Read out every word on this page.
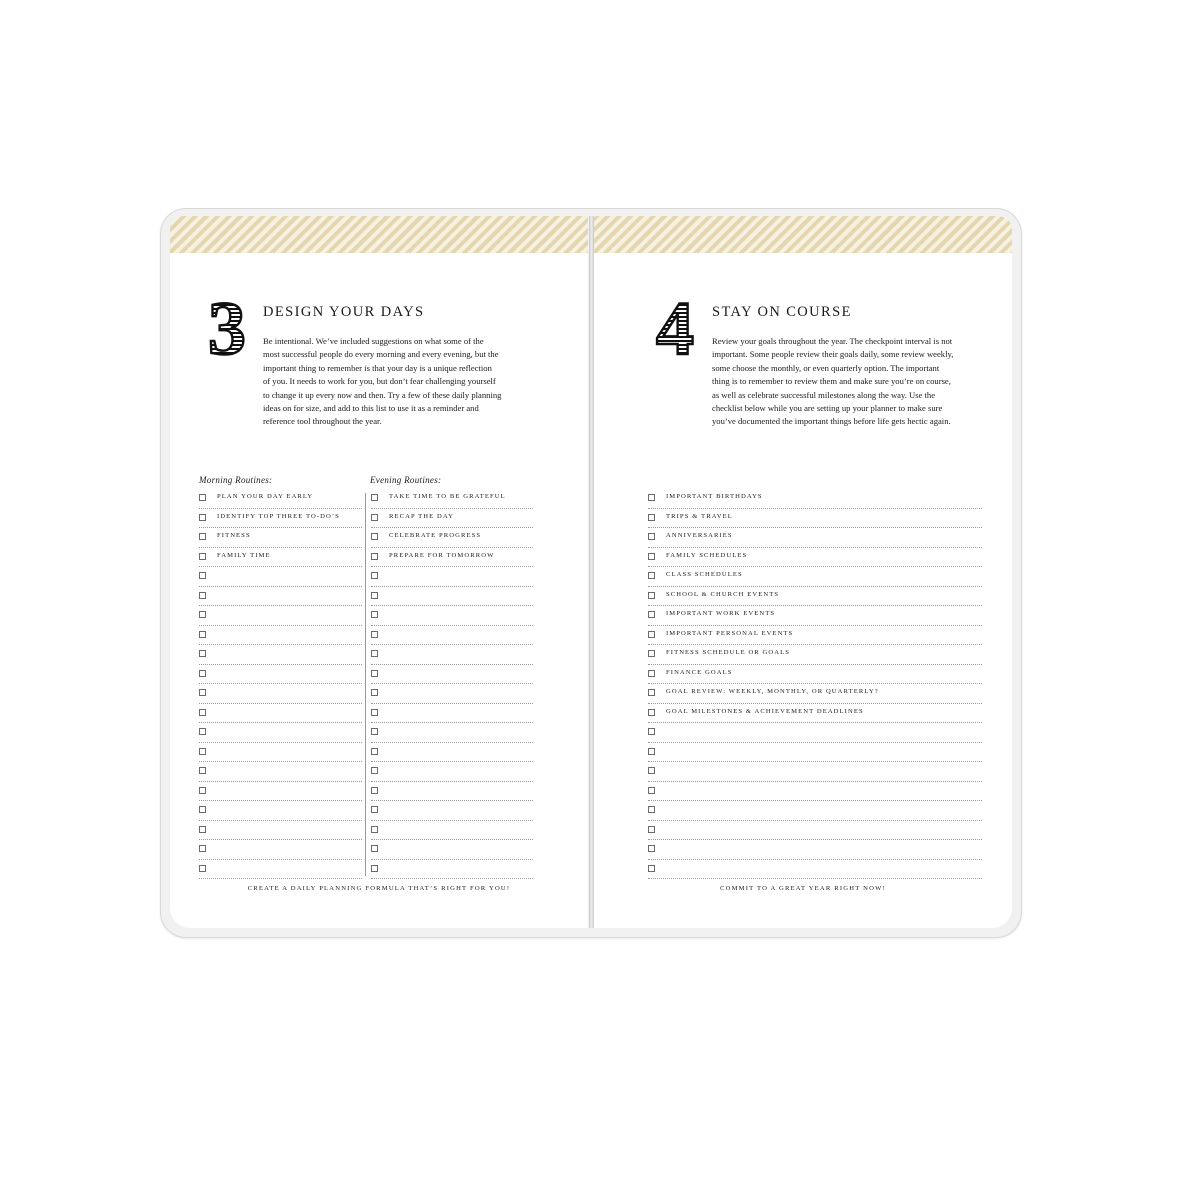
3 DESIGN YOUR DAYS
Be intentional. We’ve included suggestions on what some of the
most successful people do every morning and every evening, but the
important thing to remember is that your day is a unique reflection
of you. It needs to work for you, but don’t fear challenging yourself
to change it up every now and then. Try a few of these daily planning
ideas on for size, and add to this list to use it as a reminder and
reference tool throughout the year.
Morning Routines:	Evening Routines:
PLAN YOUR DAY EARLY
IDENTIFY TOP THREE TO-DO’S
FITNESS
FAMILY TIME
TAKE TIME TO BE GRATEFUL
RECAP THE DAY
CELEBRATE PROGRESS
PREPARE FOR TOMORROW
CREATE A DAILY PLANNING FORMULA THAT’S RIGHT FOR YOU!
4 STAY ON COURSE
Review your goals throughout the year. The checkpoint interval is not
important. Some people review their goals daily, some review weekly,
some choose the monthly, or even quarterly option. The important
thing is to remember to review them and make sure you’re on course,
as well as celebrate successful milestones along the way. Use the
checklist below while you are setting up your planner to make sure
you’ve documented the important things before life gets hectic again.
IMPORTANT BIRTHDAYS
TRIPS & TRAVEL
ANNIVERSARIES
FAMILY SCHEDULES
CLASS SCHEDULES
SCHOOL & CHURCH EVENTS
IMPORTANT WORK EVENTS
IMPORTANT PERSONAL EVENTS
FITNESS SCHEDULE OR GOALS
FINANCE GOALS
GOAL REVIEW: WEEKLY, MONTHLY, OR QUARTERLY?
GOAL MILESTONES & ACHIEVEMENT DEADLINES
COMMIT TO A GREAT YEAR RIGHT NOW!
